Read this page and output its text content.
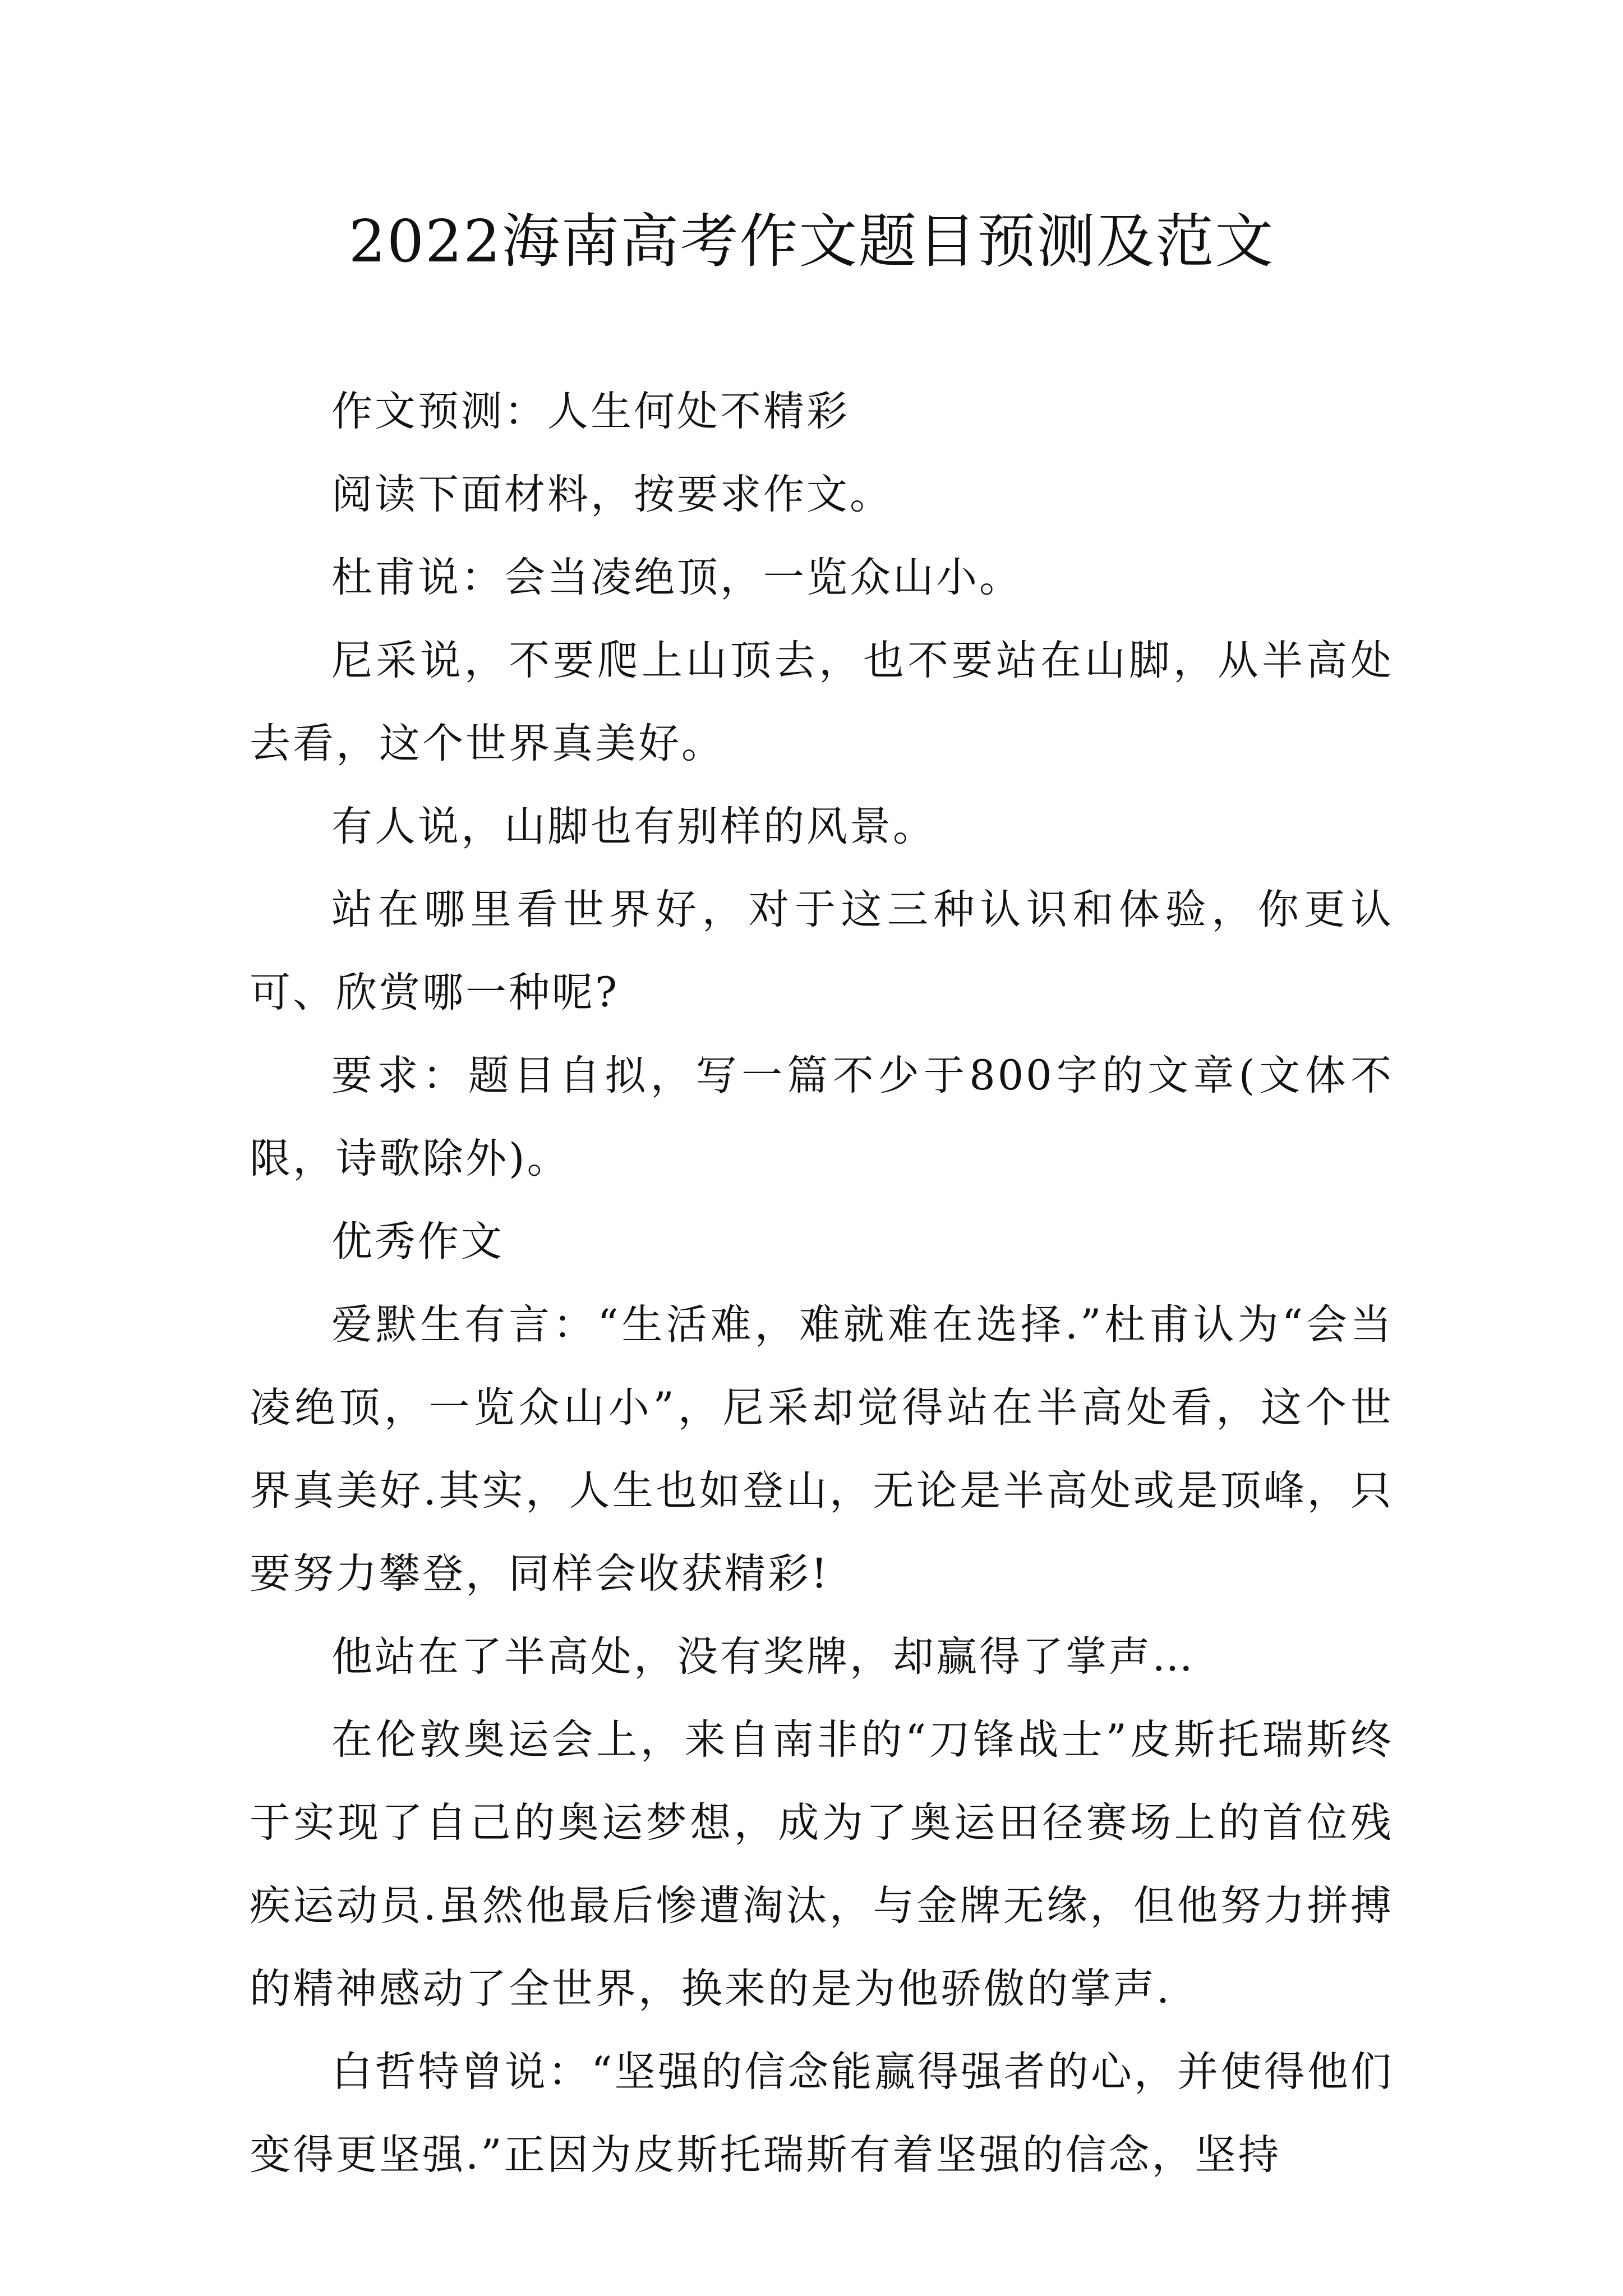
2022海南高考作文题目预测及范文

作文预测：人生何处不精彩

阅读下面材料，按要求作文。

杜甫说：会当凌绝顶，一览众山小。

尼采说，不要爬上山顶去，也不要站在山脚，从半高处去看，这个世界真美好。

有人说，山脚也有别样的风景。

站在哪里看世界好，对于这三种认识和体验，你更认可、欣赏哪一种呢?

要求：题目自拟，写一篇不少于800字的文章(文体不限，诗歌除外)。

优秀作文

爱默生有言：“生活难，难就难在选择.”杜甫认为“会当凌绝顶，一览众山小”，尼采却觉得站在半高处看，这个世界真美好.其实，人生也如登山，无论是半高处或是顶峰，只要努力攀登，同样会收获精彩!

他站在了半高处，没有奖牌，却赢得了掌声…

在伦敦奥运会上，来自南非的“刀锋战士”皮斯托瑞斯终于实现了自己的奥运梦想，成为了奥运田径赛场上的首位残疾运动员.虽然他最后惨遭淘汰，与金牌无缘，但他努力拼搏的精神感动了全世界，换来的是为他骄傲的掌声.

白哲特曾说：“坚强的信念能赢得强者的心，并使得他们变得更坚强.”正因为皮斯托瑞斯有着坚强的信念，坚持
